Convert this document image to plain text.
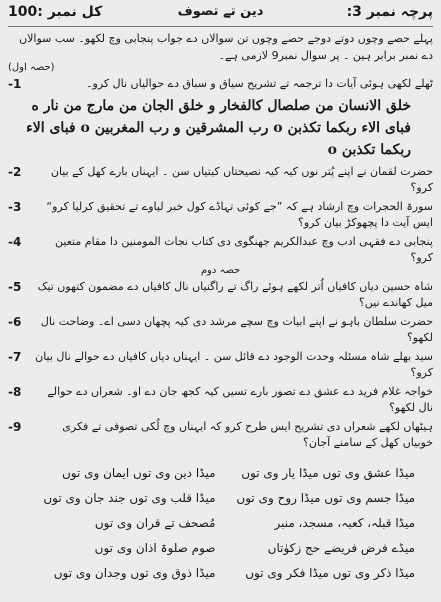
پرچہ نمبر 3:
دین تے تصوف
کل نمبر :100
پہلے حصے وچوں دوتے دوجے حصے وچوں تن سوالاں دے جواب پنجابی وچ لکھو۔ سب سوالاں دے نمبر برابر ہین ۔ پر سوال نمبر9 لازمی ہے۔
(حصہ اول)
-1	ٹھلے لکھی ہوئی آیات دا ترجمہ تے تشریح سیاق و سباق دے حوالیاں نال کرو۔
خلق الانسان من صلصال كالفخار و خلق الجان من مارج من نار ه فبای الاء ربكما تكذبن o رب المشرقين و رب المغربين o فبای الاء ربكما تكذبن o
-2	حضرت لقمان نے اپنے پُتر نوں کیہ کیہ نصیحتاں کیتیاں سن ۔ ایہناں بارے کھل کے بیان کرو؟
-3	سورۃ الحجرات وچ ارشاد ہے کہ ”جے کوئی تہاڈے کول خبر لیاوے تے تحقیق کرلیا کرو“ ایس آیت دا پچھوکڑ بیان کرو؟
-4	پنجابی دے فقہی ادب وچ عبدالکریم جھنگوی دی کتاب نجات المومنین دا مقام متعین کرو؟
حصہ دوم
-5	شاہ حسین دیاں کافیاں اُتر لکھے ہوئے راگ تے راگنیاں نال کافیاں دے مضمون کتھوں تیک میل کھاندے نیں؟
-6	حضرت سلطان باہو نے اپنے ابیات وچ سچے مرشد دی کیہ پچھان دسی اے۔ وضاحت نال لکھو؟
-7	سید بھلے شاہ مسئلہ وحدت الوجود دے قائل سن ۔ ایہناں دیاں کافیاں دے حوالے نال بیان کرو؟
-8	خواجہ غلام فرید دے عشق دے تصور بارے تسیں کیہ کجھ جان دے او۔ شعراں دے حوالے نال لکھو؟
-9	ہیٹھاں لکھے شعراں دی تشریح ایس طرح کرو کہ ایہناں وچ لُکی تصوفی تے فکری خوبیاں کھل کے سامنے آجان؟
میڈا عشق وی توں میڈا یار وی توں
میڈا جسم وی توں میڈا روح وی توں
میڈا قبلہ، کعبہ، مسجد، منبر
میڈے فرض فریضے حج زکوٰتاں
میڈا ذکر وی توں میڈا فکر وی توں
میڈا دین وی توں ایمان وی توں
میڈا قلب وی توں جند جان وی توں
مُصحف تے قران وی توں
صوم صلوۃ اذان وی توں
میڈا ذوق وی توں وجدان وی توں
